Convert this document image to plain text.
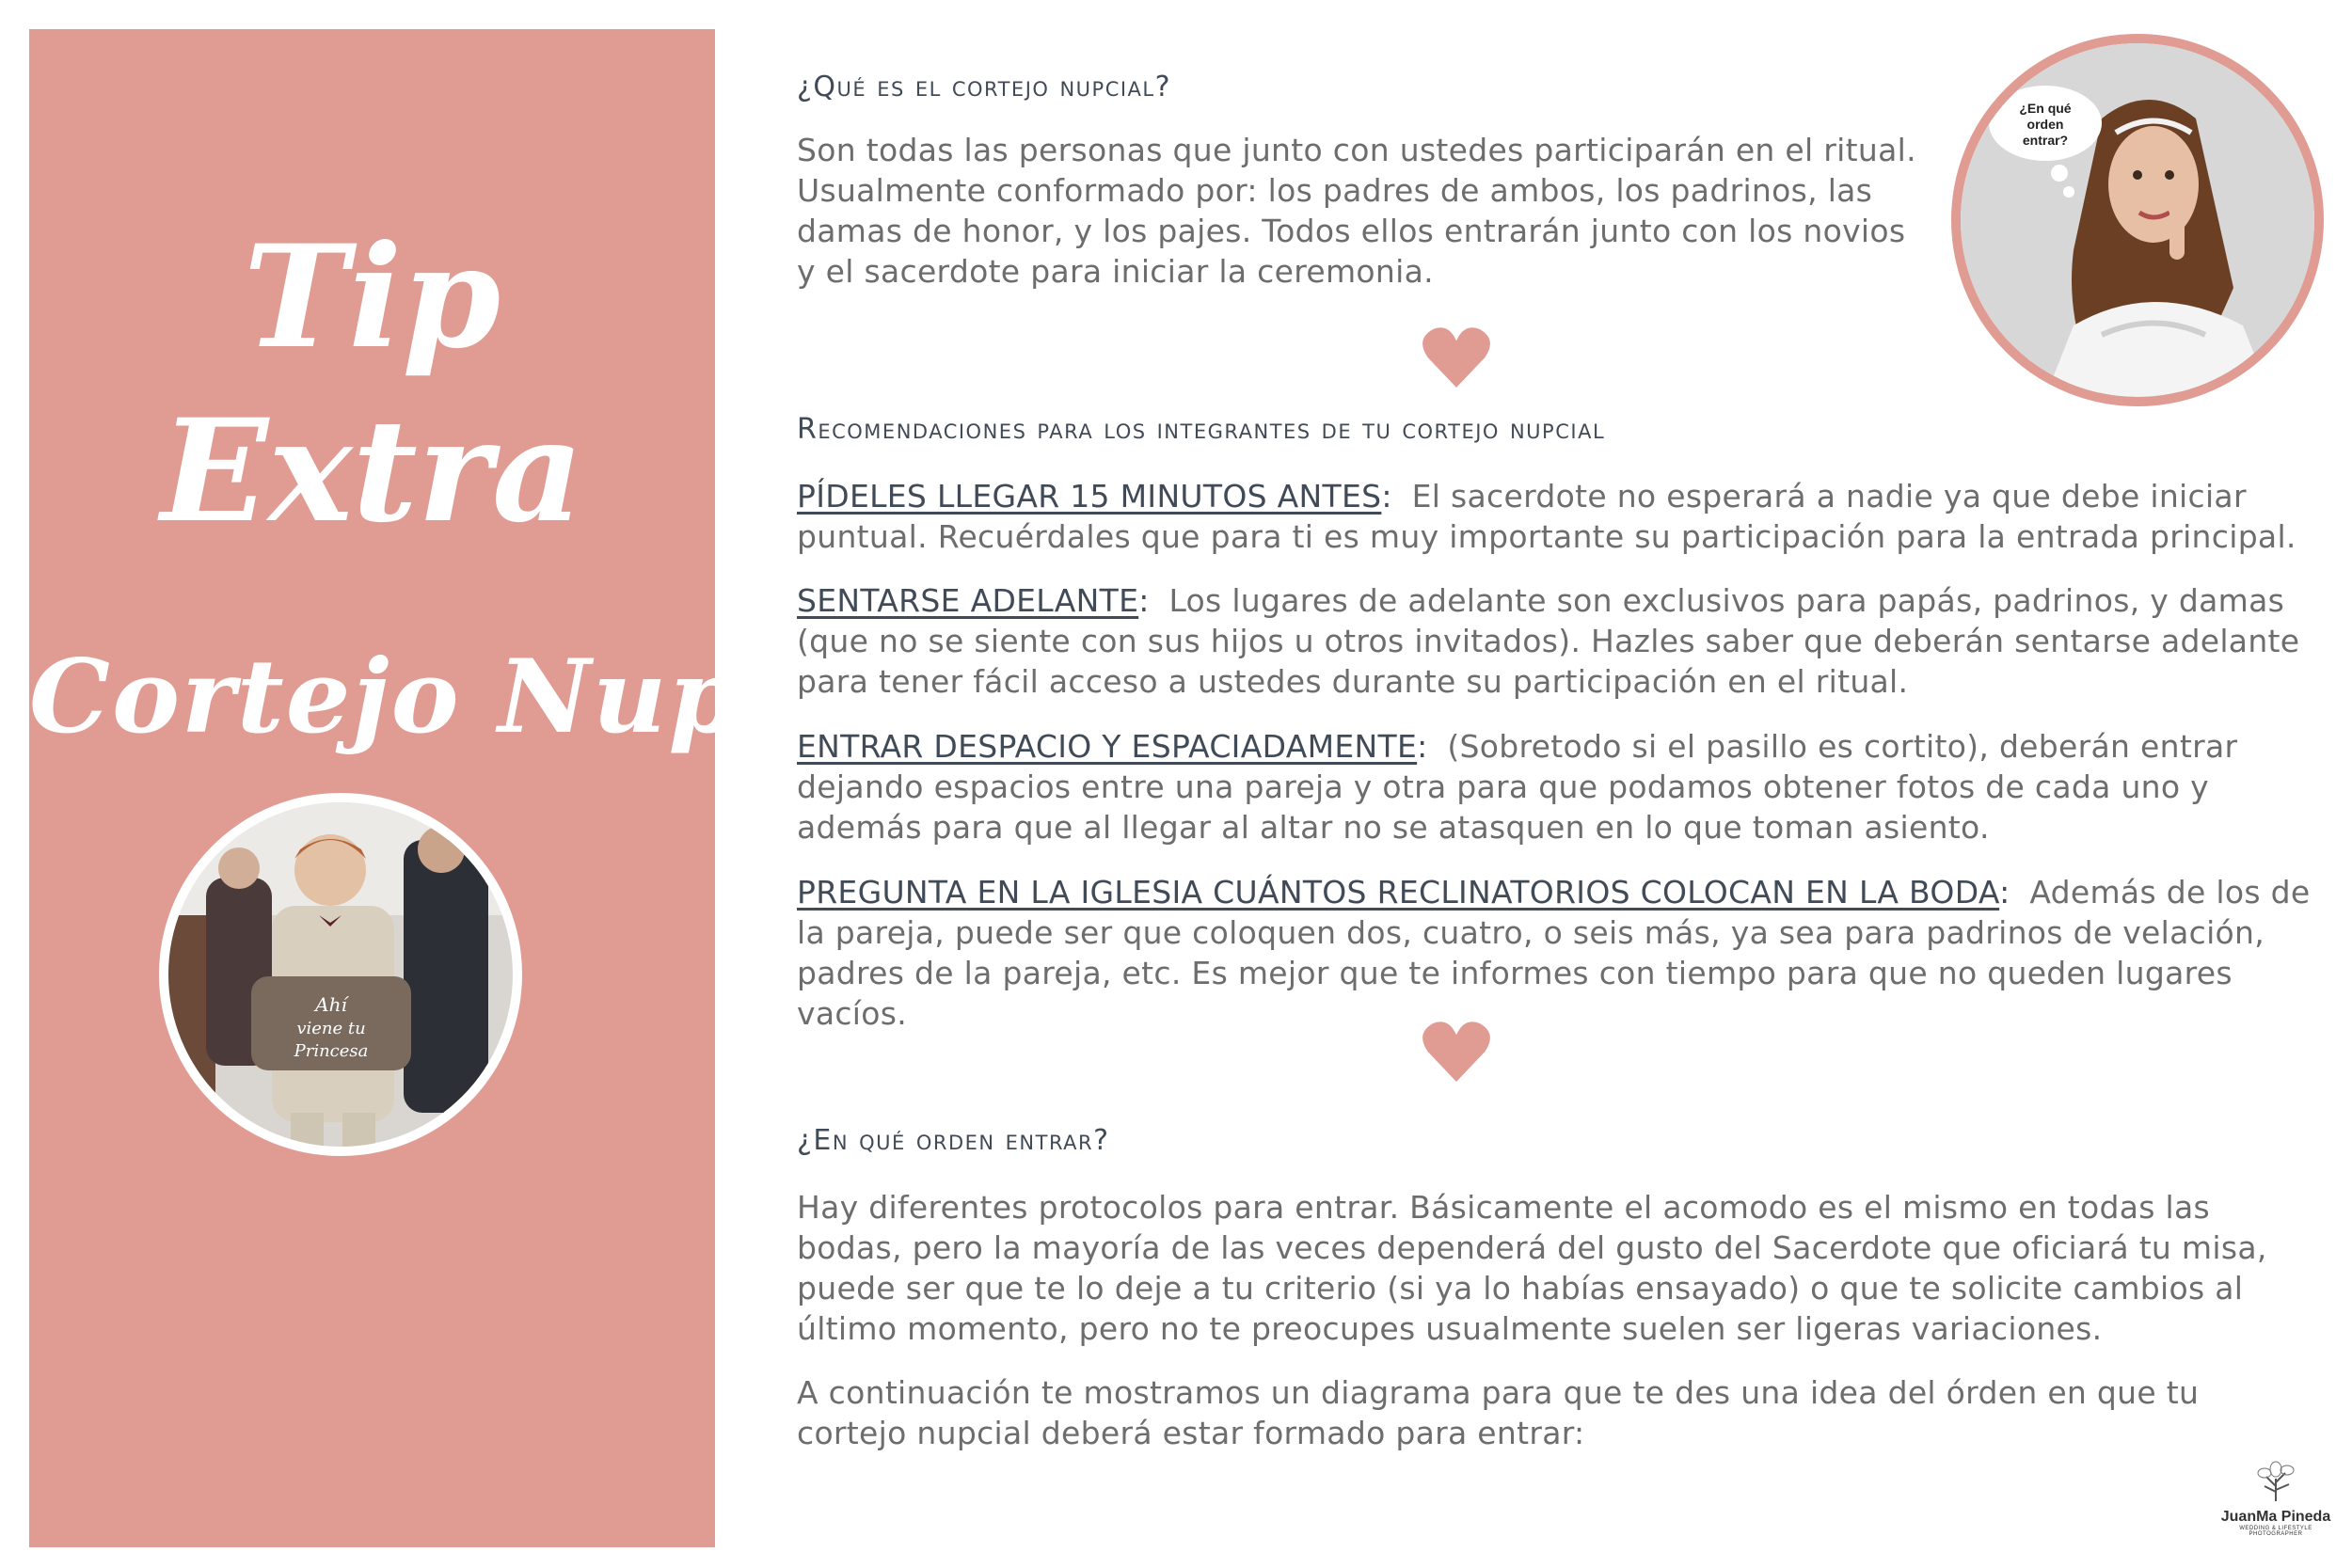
Tip
Extra
Cortejo Nupcial
Ahí
viene tu
Princesa
¿En qué
orden
entrar?
¿Qué es el cortejo nupcial?
Son todas las personas que junto con ustedes participarán en el ritual. Usualmente conformado por: los padres de ambos, los padrinos, las damas de honor, y los pajes. Todos ellos entrarán junto con los novios y el sacerdote para iniciar la ceremonia.
Recomendaciones para los integrantes de tu cortejo nupcial
PÍDELES LLEGAR 15 MINUTOS ANTES: El sacerdote no esperará a nadie ya que debe iniciar puntual. Recuérdales que para ti es muy importante su participación para la entrada principal.
SENTARSE ADELANTE: Los lugares de adelante son exclusivos para papás, padrinos, y damas (que no se siente con sus hijos u otros invitados). Hazles saber que deberán sentarse adelante para tener fácil acceso a ustedes durante su participación en el ritual.
ENTRAR DESPACIO Y ESPACIADAMENTE: (Sobretodo si el pasillo es cortito), deberán entrar dejando espacios entre una pareja y otra para que podamos obtener fotos de cada uno y además para que al llegar al altar no se atasquen en lo que toman asiento.
PREGUNTA EN LA IGLESIA CUÁNTOS RECLINATORIOS COLOCAN EN LA BODA: Además de los de la pareja, puede ser que coloquen dos, cuatro, o seis más, ya sea para padrinos de velación, padres de la pareja, etc. Es mejor que te informes con tiempo para que no queden lugares vacíos.
¿En qué orden entrar?
Hay diferentes protocolos para entrar. Básicamente el acomodo es el mismo en todas las bodas, pero la mayoría de las veces dependerá del gusto del Sacerdote que oficiará tu misa, puede ser que te lo deje a tu criterio (si ya lo habías ensayado) o que te solicite cambios al último momento, pero no te preocupes usualmente suelen ser ligeras variaciones.
A continuación te mostramos un diagrama para que te des una idea del órden en que tu cortejo nupcial deberá estar formado para entrar:
JuanMa Pineda
WEDDING & LIFESTYLE PHOTOGRAPHER
